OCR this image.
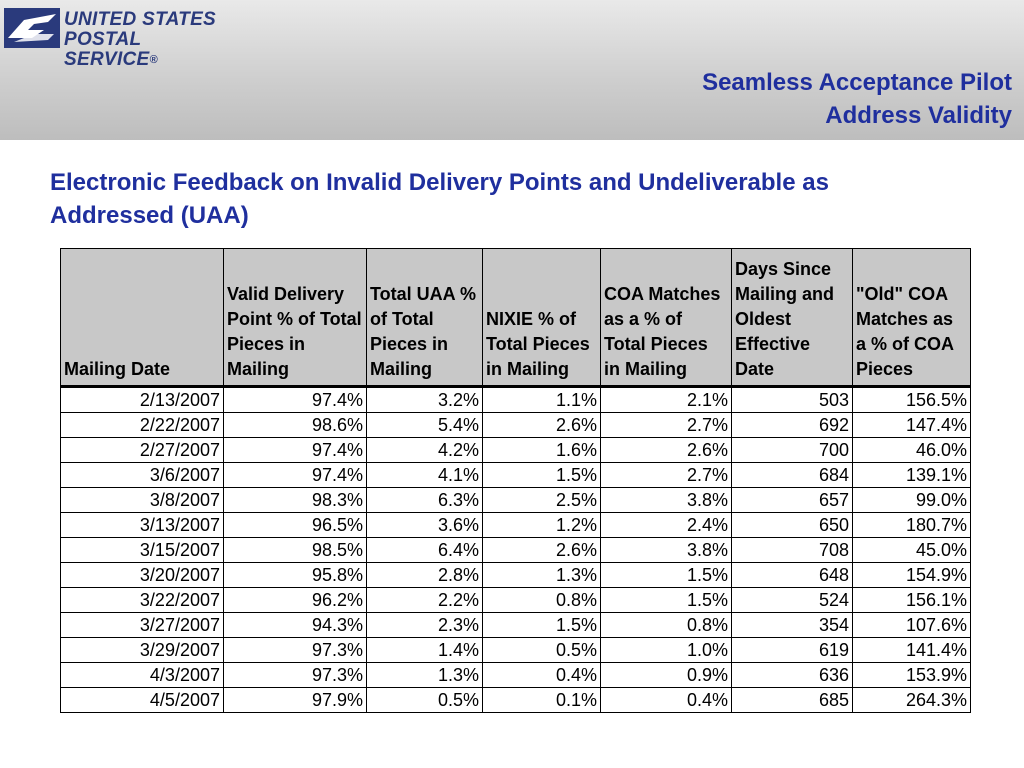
UNITED STATES
POSTAL SERVICE®
Seamless Acceptance Pilot
Address Validity
Electronic Feedback on Invalid Delivery Points and Undeliverable as
Addressed (UAA)
Mailing Date	Valid Delivery Point % of Total Pieces in Mailing	Total UAA % of Total Pieces in Mailing	NIXIE % of Total Pieces in Mailing	COA Matches as a % of Total Pieces in Mailing	Days Since Mailing and Oldest Effective Date	"Old" COA Matches as a % of COA Pieces
2/13/2007	97.4%	3.2%	1.1%	2.1%	503	156.5%
2/22/2007	98.6%	5.4%	2.6%	2.7%	692	147.4%
2/27/2007	97.4%	4.2%	1.6%	2.6%	700	46.0%
3/6/2007	97.4%	4.1%	1.5%	2.7%	684	139.1%
3/8/2007	98.3%	6.3%	2.5%	3.8%	657	99.0%
3/13/2007	96.5%	3.6%	1.2%	2.4%	650	180.7%
3/15/2007	98.5%	6.4%	2.6%	3.8%	708	45.0%
3/20/2007	95.8%	2.8%	1.3%	1.5%	648	154.9%
3/22/2007	96.2%	2.2%	0.8%	1.5%	524	156.1%
3/27/2007	94.3%	2.3%	1.5%	0.8%	354	107.6%
3/29/2007	97.3%	1.4%	0.5%	1.0%	619	141.4%
4/3/2007	97.3%	1.3%	0.4%	0.9%	636	153.9%
4/5/2007	97.9%	0.5%	0.1%	0.4%	685	264.3%
